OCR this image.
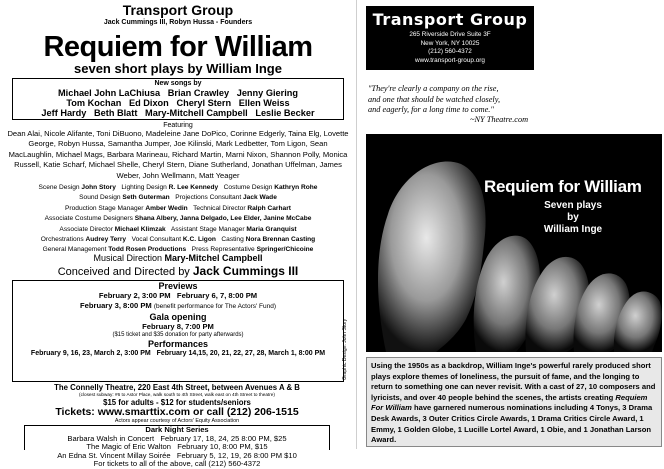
Transport Group
Jack Cummings III, Robyn Hussa - Founders
Requiem for William
seven short plays by William Inge
New songs by
Michael John LaChiusa   Brian Crawley   Jenny Giering
Tom Kochan   Ed Dixon   Cheryl Stern   Ellen Weiss
Jeff Hardy   Beth Blatt   Mary-Mitchell Campbell   Leslie Becker
Featuring
Dean Alai, Nicole Alifante, Toni DiBuono, Madeleine Jane DoPico, Corinne Edgerly, Taina Elg, Lovette George, Robyn Hussa, Samantha Jumper, Joe Kilinski, Mark Ledbetter, Tom Ligon, Sean MacLaughlin, Michael Mags, Barbara Marineau, Richard Martin, Marni Nixon, Shannon Polly, Monica Russell, Katie Scharf, Michael Shelle, Cheryl Stern, Diane Sutherland, Jonathan Uffelman, James Weber, John Wellmann, Matt Yeager
Scene Design John Story Lighting Design R. Lee Kennedy Costume Design Kathryn Rohe
Sound Design Seth Guterman Projections Consultant Jack Wade
Production Stage Manager Amber Wedin Technical Director Ralph Carhart
Associate Costume Designers Shana Albery, Janna Delgado, Lee Elder, Janine McCabe
Associate Director Michael Klimzak Assistant Stage Manager Maria Granquist
Orchestrations Audrey Terry Vocal Consultant K.C. Ligon Casting Nora Brennan Casting
General Management Todd Rosen Productions Press Representative Springer/Chicoine
Musical Direction Mary-Mitchel Campbell
Conceived and Directed by Jack Cummings III
Previews
February 2, 3:00 PM   February 6, 7, 8:00 PM
February 3, 8:00 PM (benefit performance for The Actors' Fund)
Gala opening
February 8, 7:00 PM
($15 ticket and $35 donation for party afterwards)
Performances
February 9, 16, 23, March 2, 3:00 PM   February 14,15, 20, 21, 22, 27, 28, March 1, 8:00 PM
The Connelly Theatre, 220 East 4th Street, between Avenues A & B
(closest subway: #6 to Astor Place, walk south to 4th Street, walk east on 4th Street to theatre)
$15 for adults - $12 for students/seniors
Tickets: www.smarttix.com or call (212) 206-1515
Actors appear courtesy of Actors' Equity Association
Dark Night Series
Barbara Walsh in Concert   February 17, 18, 24, 25 8:00 PM, $25
The Magic of Eric Walton   February 10, 8:00 PM, $15
An Edna St. Vincent Millay Soirée   February 5, 12, 19, 26 8:00 PM $10
For tickets to all of the above, call (212) 560-4372
Graphic Design: John Story
Transport Group
265 Riverside Drive Suite 3F
New York, NY 10025
(212) 560-4372
www.transport-group.org
"They're clearly a company on the rise,
and one that should be watched closely,
and eagerly, for a long time to come."
~NY Theatre.com
Requiem for William
Seven plays
by
William Inge
Using the 1950s as a backdrop, William Inge's powerful rarely produced short plays explore themes of loneliness, the pursuit of fame, and the longing to return to something one can never revisit. With a cast of 27, 10 composers and lyricists, and over 40 people behind the scenes, the artists creating Requiem For William have garnered numerous nominations including 4 Tonys, 3 Drama Desk Awards, 3 Outer Critics Circle Awards, 1 Drama Critics Circle Award, 1 Emmy, 1 Golden Globe, 1 Lucille Lortel Award, 1 Obie, and 1 Jonathan Larson Award.
